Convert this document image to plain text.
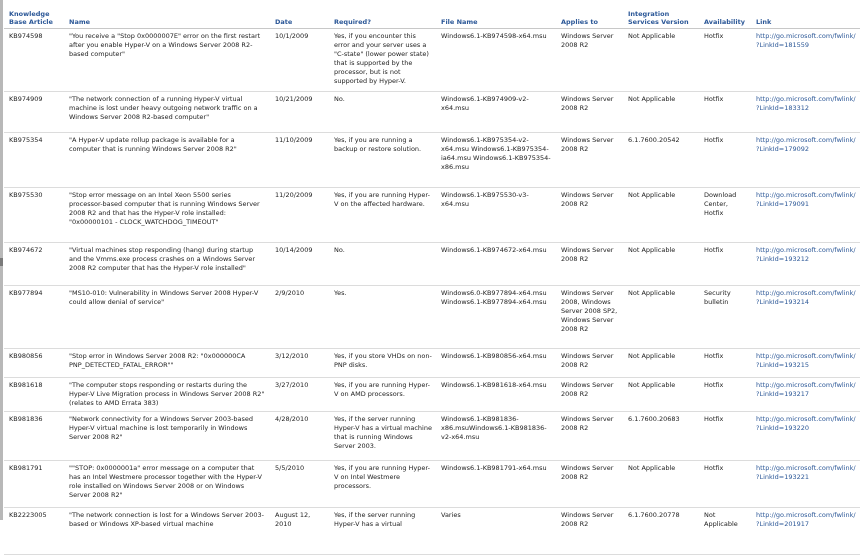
Knowledge Base Article	Name	Date	Required?	File Name	Applies to	Integration Services Version	Availability	Link
KB974598	"You receive a "Stop 0x0000007E" error on the first restart after you enable Hyper-V on a Windows Server 2008 R2-based computer"	10/1/2009	Yes, if you encounter this error and your server uses a "C-state" (lower power state) that is supported by the processor, but is not supported by Hyper-V.	Windows6.1-KB974598-x64.msu	Windows Server 2008 R2	Not Applicable	Hotfix	http://go.microsoft.com/fwlink/?LinkId=181559
KB974909	"The network connection of a running Hyper-V virtual machine is lost under heavy outgoing network traffic on a Windows Server 2008 R2-based computer"	10/21/2009	No.	Windows6.1-KB974909-v2-x64.msu	Windows Server 2008 R2	Not Applicable	Hotfix	http://go.microsoft.com/fwlink/?LinkId=183312
KB975354	"A Hyper-V update rollup package is available for a computer that is running Windows Server 2008 R2"	11/10/2009	Yes, if you are running a backup or restore solution.	Windows6.1-KB975354-v2-x64.msu Windows6.1-KB975354-ia64.msu Windows6.1-KB975354-x86.msu	Windows Server 2008 R2	6.1.7600.20542	Hotfix	http://go.microsoft.com/fwlink/?LinkId=179092
KB975530	"Stop error message on an Intel Xeon 5500 series processor-based computer that is running Windows Server 2008 R2 and that has the Hyper-V role installed: "0x00000101 - CLOCK_WATCHDOG_TIMEOUT"	11/20/2009	Yes, if you are running Hyper-V on the affected hardware.	Windows6.1-KB975530-v3-x64.msu	Windows Server 2008 R2	Not Applicable	Download Center, Hotfix	http://go.microsoft.com/fwlink/?LinkId=179091
KB974672	"Virtual machines stop responding (hang) during startup and the Vmms.exe process crashes on a Windows Server 2008 R2 computer that has the Hyper-V role installed"	10/14/2009	No.	Windows6.1-KB974672-x64.msu	Windows Server 2008 R2	Not Applicable	Hotfix	http://go.microsoft.com/fwlink/?LinkId=193212
KB977894	"MS10-010: Vulnerability in Windows Server 2008 Hyper-V could allow denial of service"	2/9/2010	Yes.	Windows6.0-KB977894-x64.msu Windows6.1-KB977894-x64.msu	Windows Server 2008, Windows Server 2008 SP2, Windows Server 2008 R2	Not Applicable	Security bulletin	http://go.microsoft.com/fwlink/?LinkId=193214
KB980856	"Stop error in Windows Server 2008 R2: "0x000000CA PNP_DETECTED_FATAL_ERROR""	3/12/2010	Yes, if you store VHDs on non-PNP disks.	Windows6.1-KB980856-x64.msu	Windows Server 2008 R2	Not Applicable	Hotfix	http://go.microsoft.com/fwlink/?LinkId=193215
KB981618	"The computer stops responding or restarts during the Hyper-V Live Migration process in Windows Server 2008 R2" (relates to AMD Errata 383)	3/27/2010	Yes, if you are running Hyper-V on AMD processors.	Windows6.1-KB981618-x64.msu	Windows Server 2008 R2	Not Applicable	Hotfix	http://go.microsoft.com/fwlink/?LinkId=193217
KB981836	"Network connectivity for a Windows Server 2003-based Hyper-V virtual machine is lost temporarily in Windows Server 2008 R2"	4/28/2010	Yes, if the server running Hyper-V has a virtual machine that is running Windows Server 2003.	Windows6.1-KB981836-x86.msuWindows6.1-KB981836-v2-x64.msu	Windows Server 2008 R2	6.1.7600.20683	Hotfix	http://go.microsoft.com/fwlink/?LinkId=193220
KB981791	""STOP: 0x0000001a" error message on a computer that has an Intel Westmere processor together with the Hyper-V role installed on Windows Server 2008 or on Windows Server 2008 R2"	5/5/2010	Yes, if you are running Hyper-V on Intel Westmere processors.	Windows6.1-KB981791-x64.msu	Windows Server 2008 R2	Not Applicable	Hotfix	http://go.microsoft.com/fwlink/?LinkId=193221
KB2223005	"The network connection is lost for a Windows Server 2003-based or Windows XP-based virtual machine	August 12, 2010	Yes, if the server running Hyper-V has a virtual	Varies	Windows Server 2008 R2	6.1.7600.20778	Not Applicable	http://go.microsoft.com/fwlink/?LinkId=201917
